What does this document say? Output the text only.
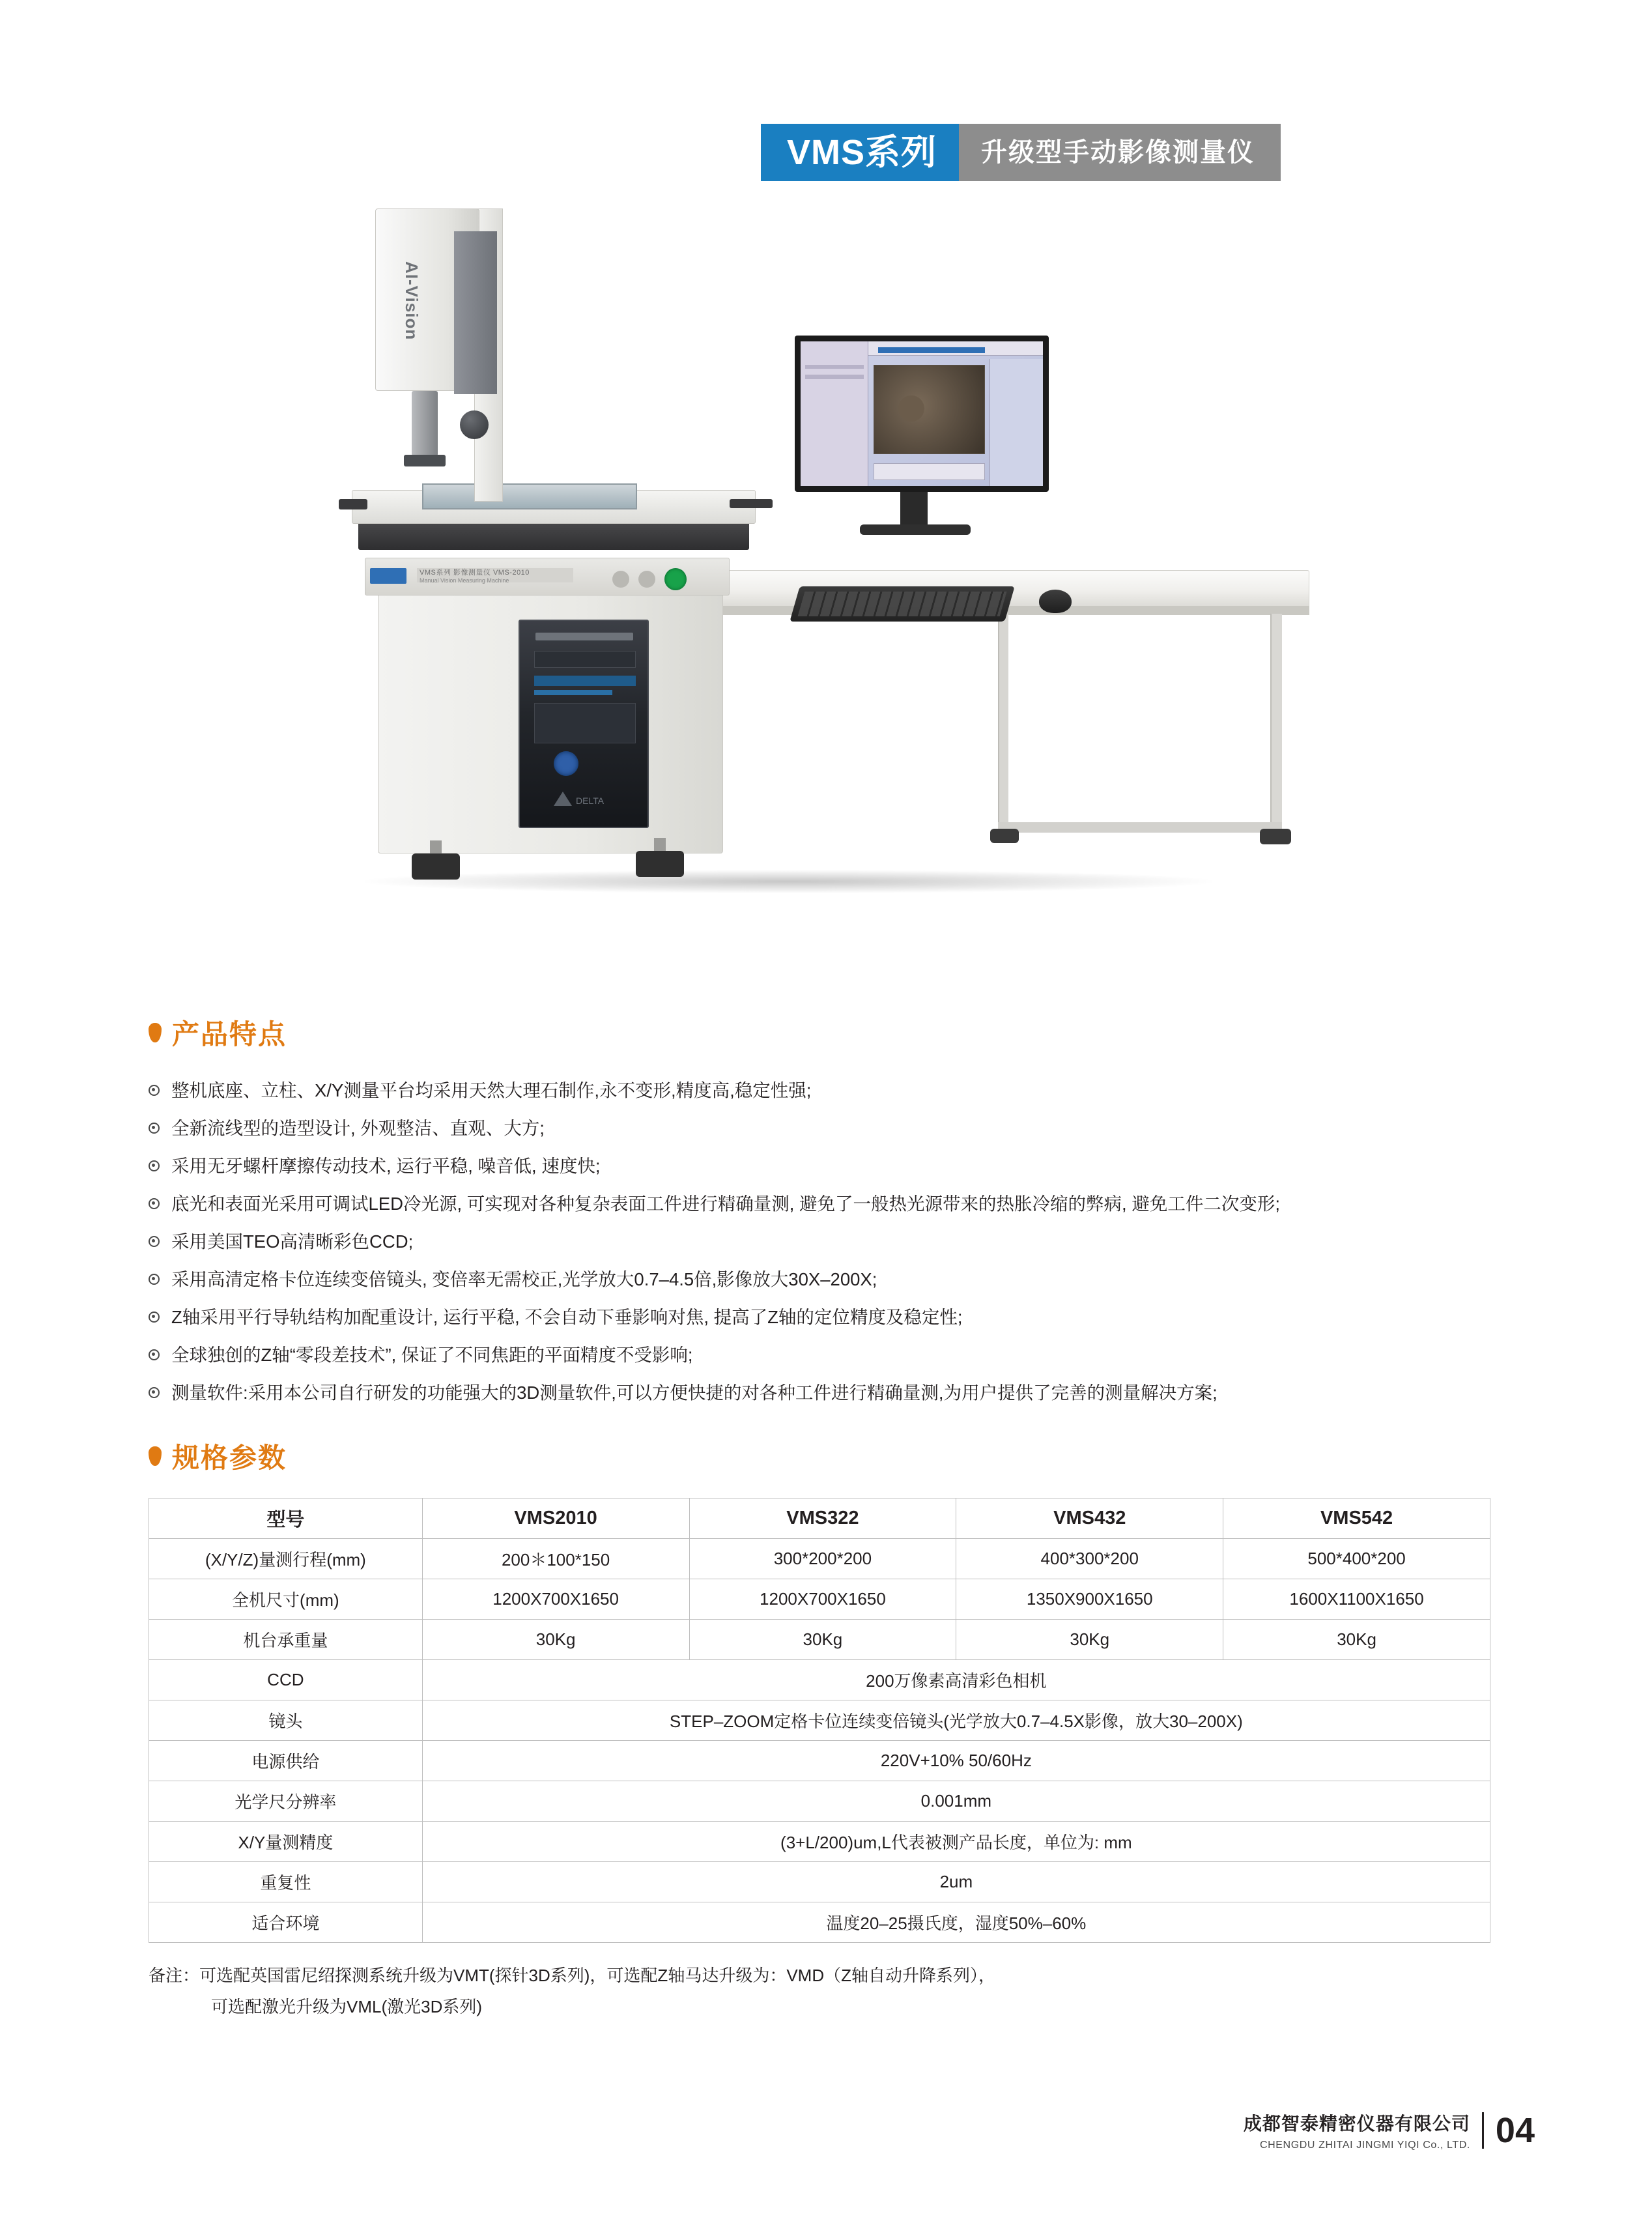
VMS系列	升级型手动影像测量仪
DELTA
VMS系列 影像测量仪 VMS-2010
Manual Vision Measuring Machine
AI-Vision
产品特点
整机底座、立柱、X/Y测量平台均采用天然大理石制作,永不变形,精度高,稳定性强;
全新流线型的造型设计, 外观整洁、直观、大方;
采用无牙螺杆摩擦传动技术, 运行平稳, 噪音低, 速度快;
底光和表面光采用可调试LED冷光源, 可实现对各种复杂表面工件进行精确量测, 避免了一般热光源带来的热胀冷缩的弊病, 避免工件二次变形;
采用美国TEO高清晰彩色CCD;
采用高清定格卡位连续变倍镜头, 变倍率无需校正,光学放大0.7–4.5倍,影像放大30X–200X;
Z轴采用平行导轨结构加配重设计, 运行平稳, 不会自动下垂影响对焦, 提高了Z轴的定位精度及稳定性;
全球独创的Z轴“零段差技术”, 保证了不同焦距的平面精度不受影响;
测量软件:采用本公司自行研发的功能强大的3D测量软件,可以方便快捷的对各种工件进行精确量测,为用户提供了完善的测量解决方案;
规格参数
型号	VMS2010	VMS322	VMS432	VMS542
(X/Y/Z)量测行程(mm)	200＊100*150	300*200*200	400*300*200	500*400*200
全机尺寸(mm)	1200X700X1650	1200X700X1650	1350X900X1650	1600X1100X1650
机台承重量	30Kg	30Kg	30Kg	30Kg
CCD	200万像素高清彩色相机			
镜头	STEP–ZOOM定格卡位连续变倍镜头(光学放大0.7–4.5X影像，放大30–200X)			
电源供给	220V+10% 50/60Hz			
光学尺分辨率	0.001mm			
X/Y量测精度	(3+L/200)um,L代表被测产品长度，单位为: mm			
重复性	2um			
适合环境	温度20–25摄氏度，湿度50%–60%			
备注：可选配英国雷尼绍探测系统升级为VMT(探针3D系列)，可选配Z轴马达升级为：VMD（Z轴自动升降系列），
可选配激光升级为VML(激光3D系列)
成都智泰精密仪器有限公司
CHENGDU ZHITAI JINGMI YIQI Co., LTD. 04
